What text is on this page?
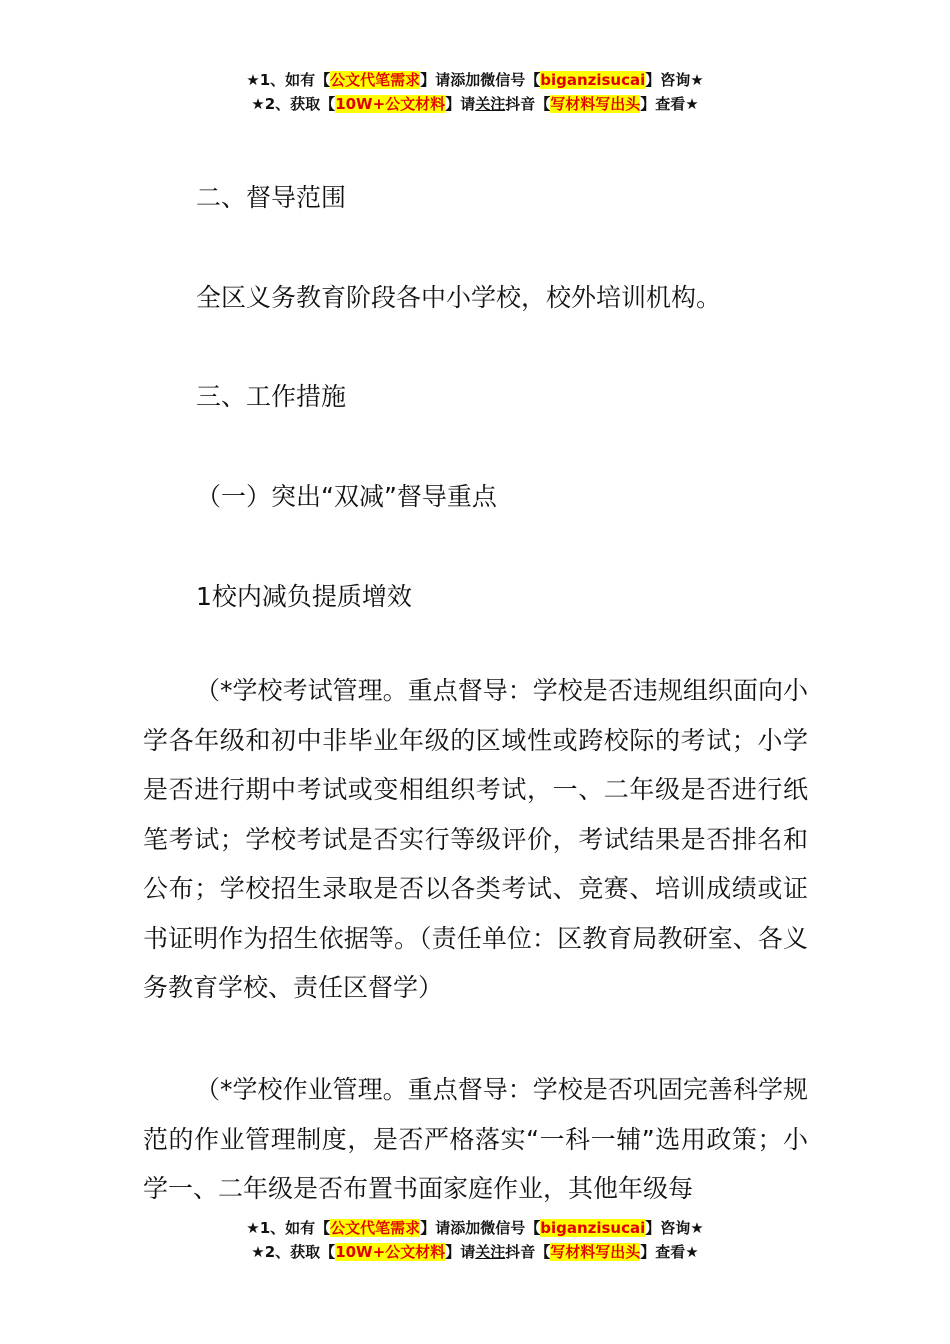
★1、如有【公文代笔需求】请添加微信号【biganzisucai】咨询★
★2、获取【10W+公文材料】请关注抖音【写材料写出头】查看★

二、督导范围

全区义务教育阶段各中小学校，校外培训机构。

三、工作措施

（一）突出“双减”督导重点

1校内减负提质增效

（*学校考试管理。重点督导：学校是否违规组织面向小学各年级和初中非毕业年级的区域性或跨校际的考试；小学是否进行期中考试或变相组织考试，一、二年级是否进行纸笔考试；学校考试是否实行等级评价，考试结果是否排名和公布；学校招生录取是否以各类考试、竞赛、培训成绩或证书证明作为招生依据等。（责任单位：区教育局教研室、各义务教育学校、责任区督学）

（*学校作业管理。重点督导：学校是否巩固完善科学规范的作业管理制度，是否严格落实“一科一辅”选用政策；小学一、二年级是否布置书面家庭作业，其他年级每

★1、如有【公文代笔需求】请添加微信号【biganzisucai】咨询★
★2、获取【10W+公文材料】请关注抖音【写材料写出头】查看★
